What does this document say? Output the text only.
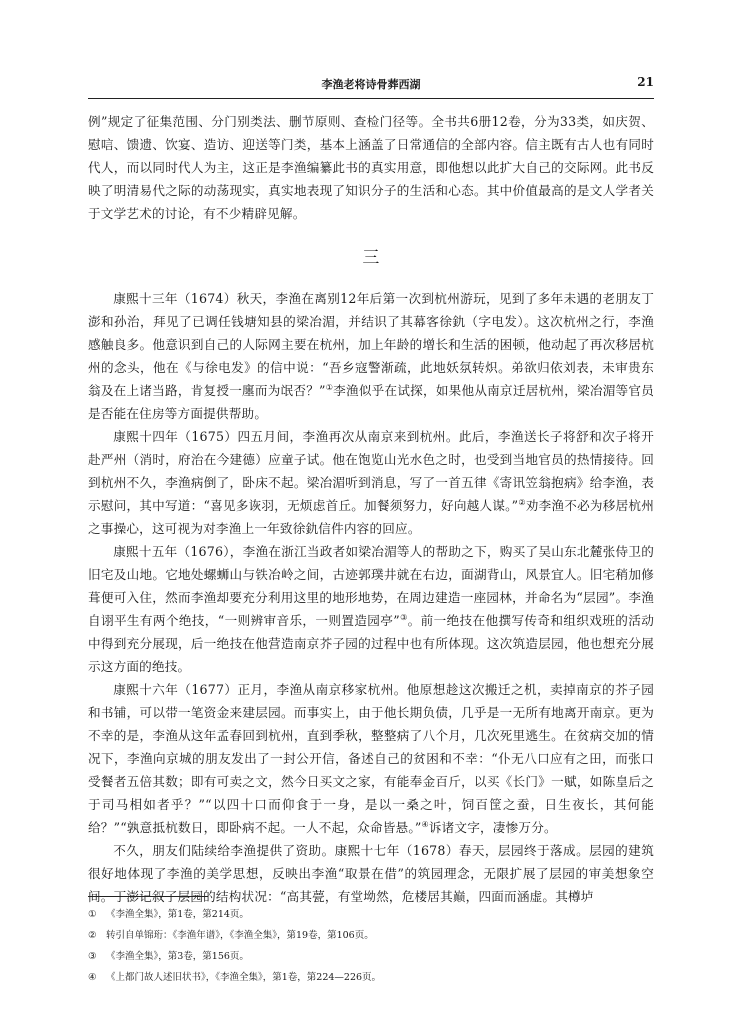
李渔老将诗骨葬西湖	21

例”规定了征集范围、分门别类法、删节原则、查检门径等。全书共6册12卷，分为33类，如庆贺、慰唁、馈遗、饮宴、造访、迎送等门类，基本上涵盖了日常通信的全部内容。信主既有古人也有同时代人，而以同时代人为主，这正是李渔编纂此书的真实用意，即他想以此扩大自己的交际网。此书反映了明清易代之际的动荡现实，真实地表现了知识分子的生活和心态。其中价值最高的是文人学者关于文学艺术的讨论，有不少精辟见解。

三

康熙十三年（1674）秋天，李渔在离别12年后第一次到杭州游玩，见到了多年未遇的老朋友丁澎和孙治，拜见了已调任钱塘知县的梁冶湄，并结识了其幕客徐釚（字电发）。这次杭州之行，李渔感触良多。他意识到自己的人际网主要在杭州，加上年龄的增长和生活的困顿，他动起了再次移居杭州的念头，他在《与徐电发》的信中说：“吾乡寇警渐疏，此地妖氛转炽。弟欲归依刘表，未审贵东翁及在上诸当路，肯复授一廛而为氓否？”①李渔似乎在试探，如果他从南京迁居杭州，梁冶湄等官员是否能在住房等方面提供帮助。

康熙十四年（1675）四五月间，李渔再次从南京来到杭州。此后，李渔送长子将舒和次子将开赴严州（消时，府治在今建德）应童子试。他在饱览山光水色之时，也受到当地官员的热情接待。回到杭州不久，李渔病倒了，卧床不起。梁冶湄听到消息，写了一首五律《寄讯笠翁抱病》给李渔，表示慰问，其中写道：“喜见多诙羽，无烦虑首丘。加餐须努力，好向越人谋。”②劝李渔不必为移居杭州之事操心，这可视为对李渔上一年致徐釚信件内容的回应。

康熙十五年（1676），李渔在浙江当政者如梁冶湄等人的帮助之下，购买了吴山东北麓张侍卫的旧宅及山地。它地处螺蛳山与铁冶岭之间，古迹郭璞井就在右边，面湖背山，风景宜人。旧宅稍加修葺便可入住，然而李渔却要充分利用这里的地形地势，在周边建造一座园林，并命名为“层园”。李渔自诩平生有两个绝技，“一则辨审音乐，一则置造园亭”③。前一绝技在他撰写传奇和组织戏班的活动中得到充分展现，后一绝技在他营造南京芥子园的过程中也有所体现。这次筑造层园，他也想充分展示这方面的绝技。

康熙十六年（1677）正月，李渔从南京移家杭州。他原想趁这次搬迁之机，卖掉南京的芥子园和书铺，可以带一笔资金来建层园。而事实上，由于他长期负债，几乎是一无所有地离开南京。更为不幸的是，李渔从这年孟春回到杭州，直到季秋，整整病了八个月，几次死里逃生。在贫病交加的情况下，李渔向京城的朋友发出了一封公开信，备述自己的贫困和不幸：“仆无八口应有之田，而张口受餐者五倍其数；即有可卖之文，然今日买文之家，有能奉金百斤，以买《长门》一赋，如陈皇后之于司马相如者乎？”“以四十口而仰食于一身，是以一桑之叶，饲百筐之蚕，日生夜长，其何能给？”“孰意抵杭数日，即卧病不起。一人不起，众命皆悬。”④诉诸文字，凄惨万分。

不久，朋友们陆续给李渔提供了资助。康熙十七年（1678）春天，层园终于落成。层园的建筑很好地体现了李渔的美学思想，反映出李渔“取景在借”的筑园理念，无限扩展了层园的审美想象空间。丁澎记叙了层园的结构状况：“高其甍，有堂坳然，危楼居其巅，四面而涵虚。其樽垆

① 《李渔全集》，第1卷，第214页。

② 转引自单锦珩：《李渔年谱》，《李渔全集》，第19卷，第106页。

③ 《李渔全集》，第3卷，第156页。

④ 《上都门故人述旧状书》，《李渔全集》，第1卷，第224—226页。
